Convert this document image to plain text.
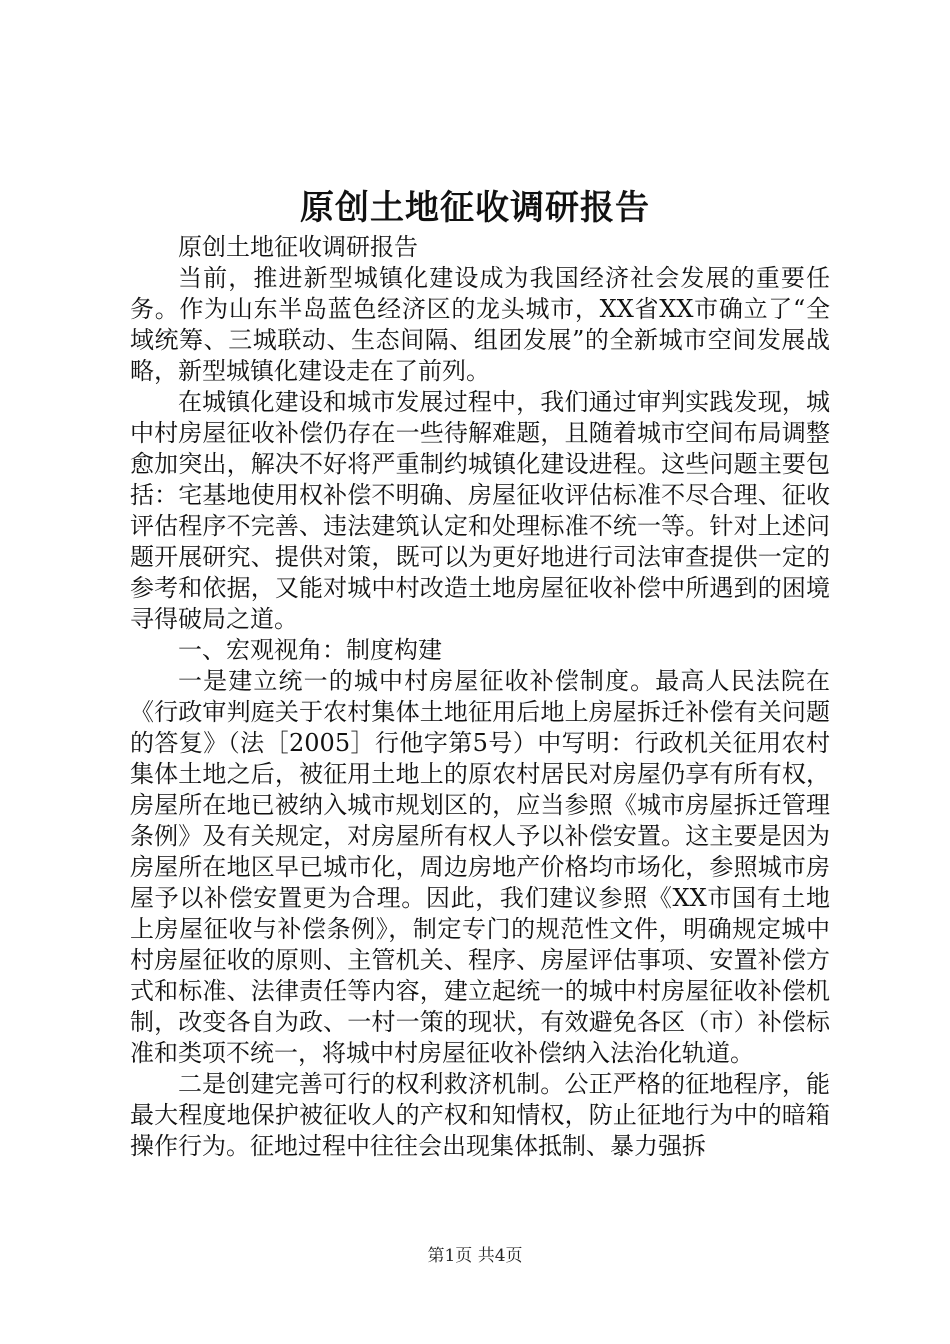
原创土地征收调研报告

原创土地征收调研报告

当前，推进新型城镇化建设成为我国经济社会发展的重要任务。作为山东半岛蓝色经济区的龙头城市，XX省XX市确立了“全域统筹、三城联动、生态间隔、组团发展”的全新城市空间发展战略，新型城镇化建设走在了前列。

在城镇化建设和城市发展过程中，我们通过审判实践发现，城中村房屋征收补偿仍存在一些待解难题，且随着城市空间布局调整愈加突出，解决不好将严重制约城镇化建设进程。这些问题主要包括：宅基地使用权补偿不明确、房屋征收评估标准不尽合理、征收评估程序不完善、违法建筑认定和处理标准不统一等。针对上述问题开展研究、提供对策，既可以为更好地进行司法审查提供一定的参考和依据，又能对城中村改造土地房屋征收补偿中所遇到的困境寻得破局之道。

一、宏观视角：制度构建

一是建立统一的城中村房屋征收补偿制度。最高人民法院在《行政审判庭关于农村集体土地征用后地上房屋拆迁补偿有关问题的答复》（法［2005］行他字第5号）中写明：行政机关征用农村集体土地之后，被征用土地上的原农村居民对房屋仍享有所有权，房屋所在地已被纳入城市规划区的，应当参照《城市房屋拆迁管理条例》及有关规定，对房屋所有权人予以补偿安置。这主要是因为房屋所在地区早已城市化，周边房地产价格均市场化，参照城市房屋予以补偿安置更为合理。因此，我们建议参照《XX市国有土地上房屋征收与补偿条例》，制定专门的规范性文件，明确规定城中村房屋征收的原则、主管机关、程序、房屋评估事项、安置补偿方式和标准、法律责任等内容，建立起统一的城中村房屋征收补偿机制，改变各自为政、一村一策的现状，有效避免各区（市）补偿标准和类项不统一，将城中村房屋征收补偿纳入法治化轨道。

二是创建完善可行的权利救济机制。公正严格的征地程序，能最大程度地保护被征收人的产权和知情权，防止征地行为中的暗箱操作行为。征地过程中往往会出现集体抵制、暴力强拆

第1页 共4页
